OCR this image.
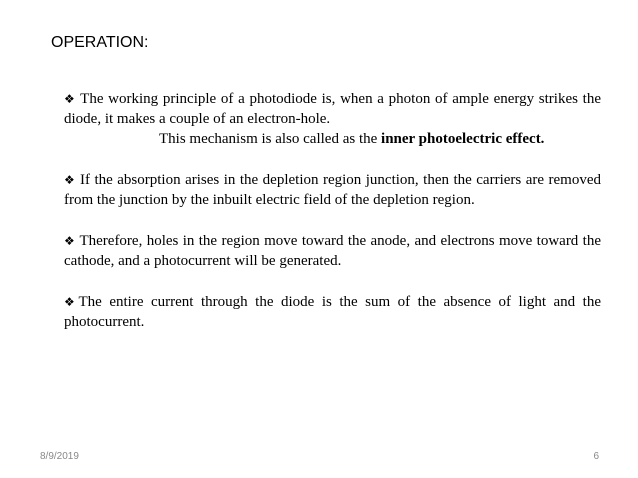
OPERATION:

❖ The working principle of a photodiode is, when a photon of ample energy strikes the diode, it makes a couple of an electron-hole.
This mechanism is also called as the inner photoelectric effect.

❖ If the absorption arises in the depletion region junction, then the carriers are removed from the junction by the inbuilt electric field of the depletion region.

❖ Therefore, holes in the region move toward the anode, and electrons move toward the cathode, and a photocurrent will be generated.

❖The entire current through the diode is the sum of the absence of light and the photocurrent.

8/9/2019	6
